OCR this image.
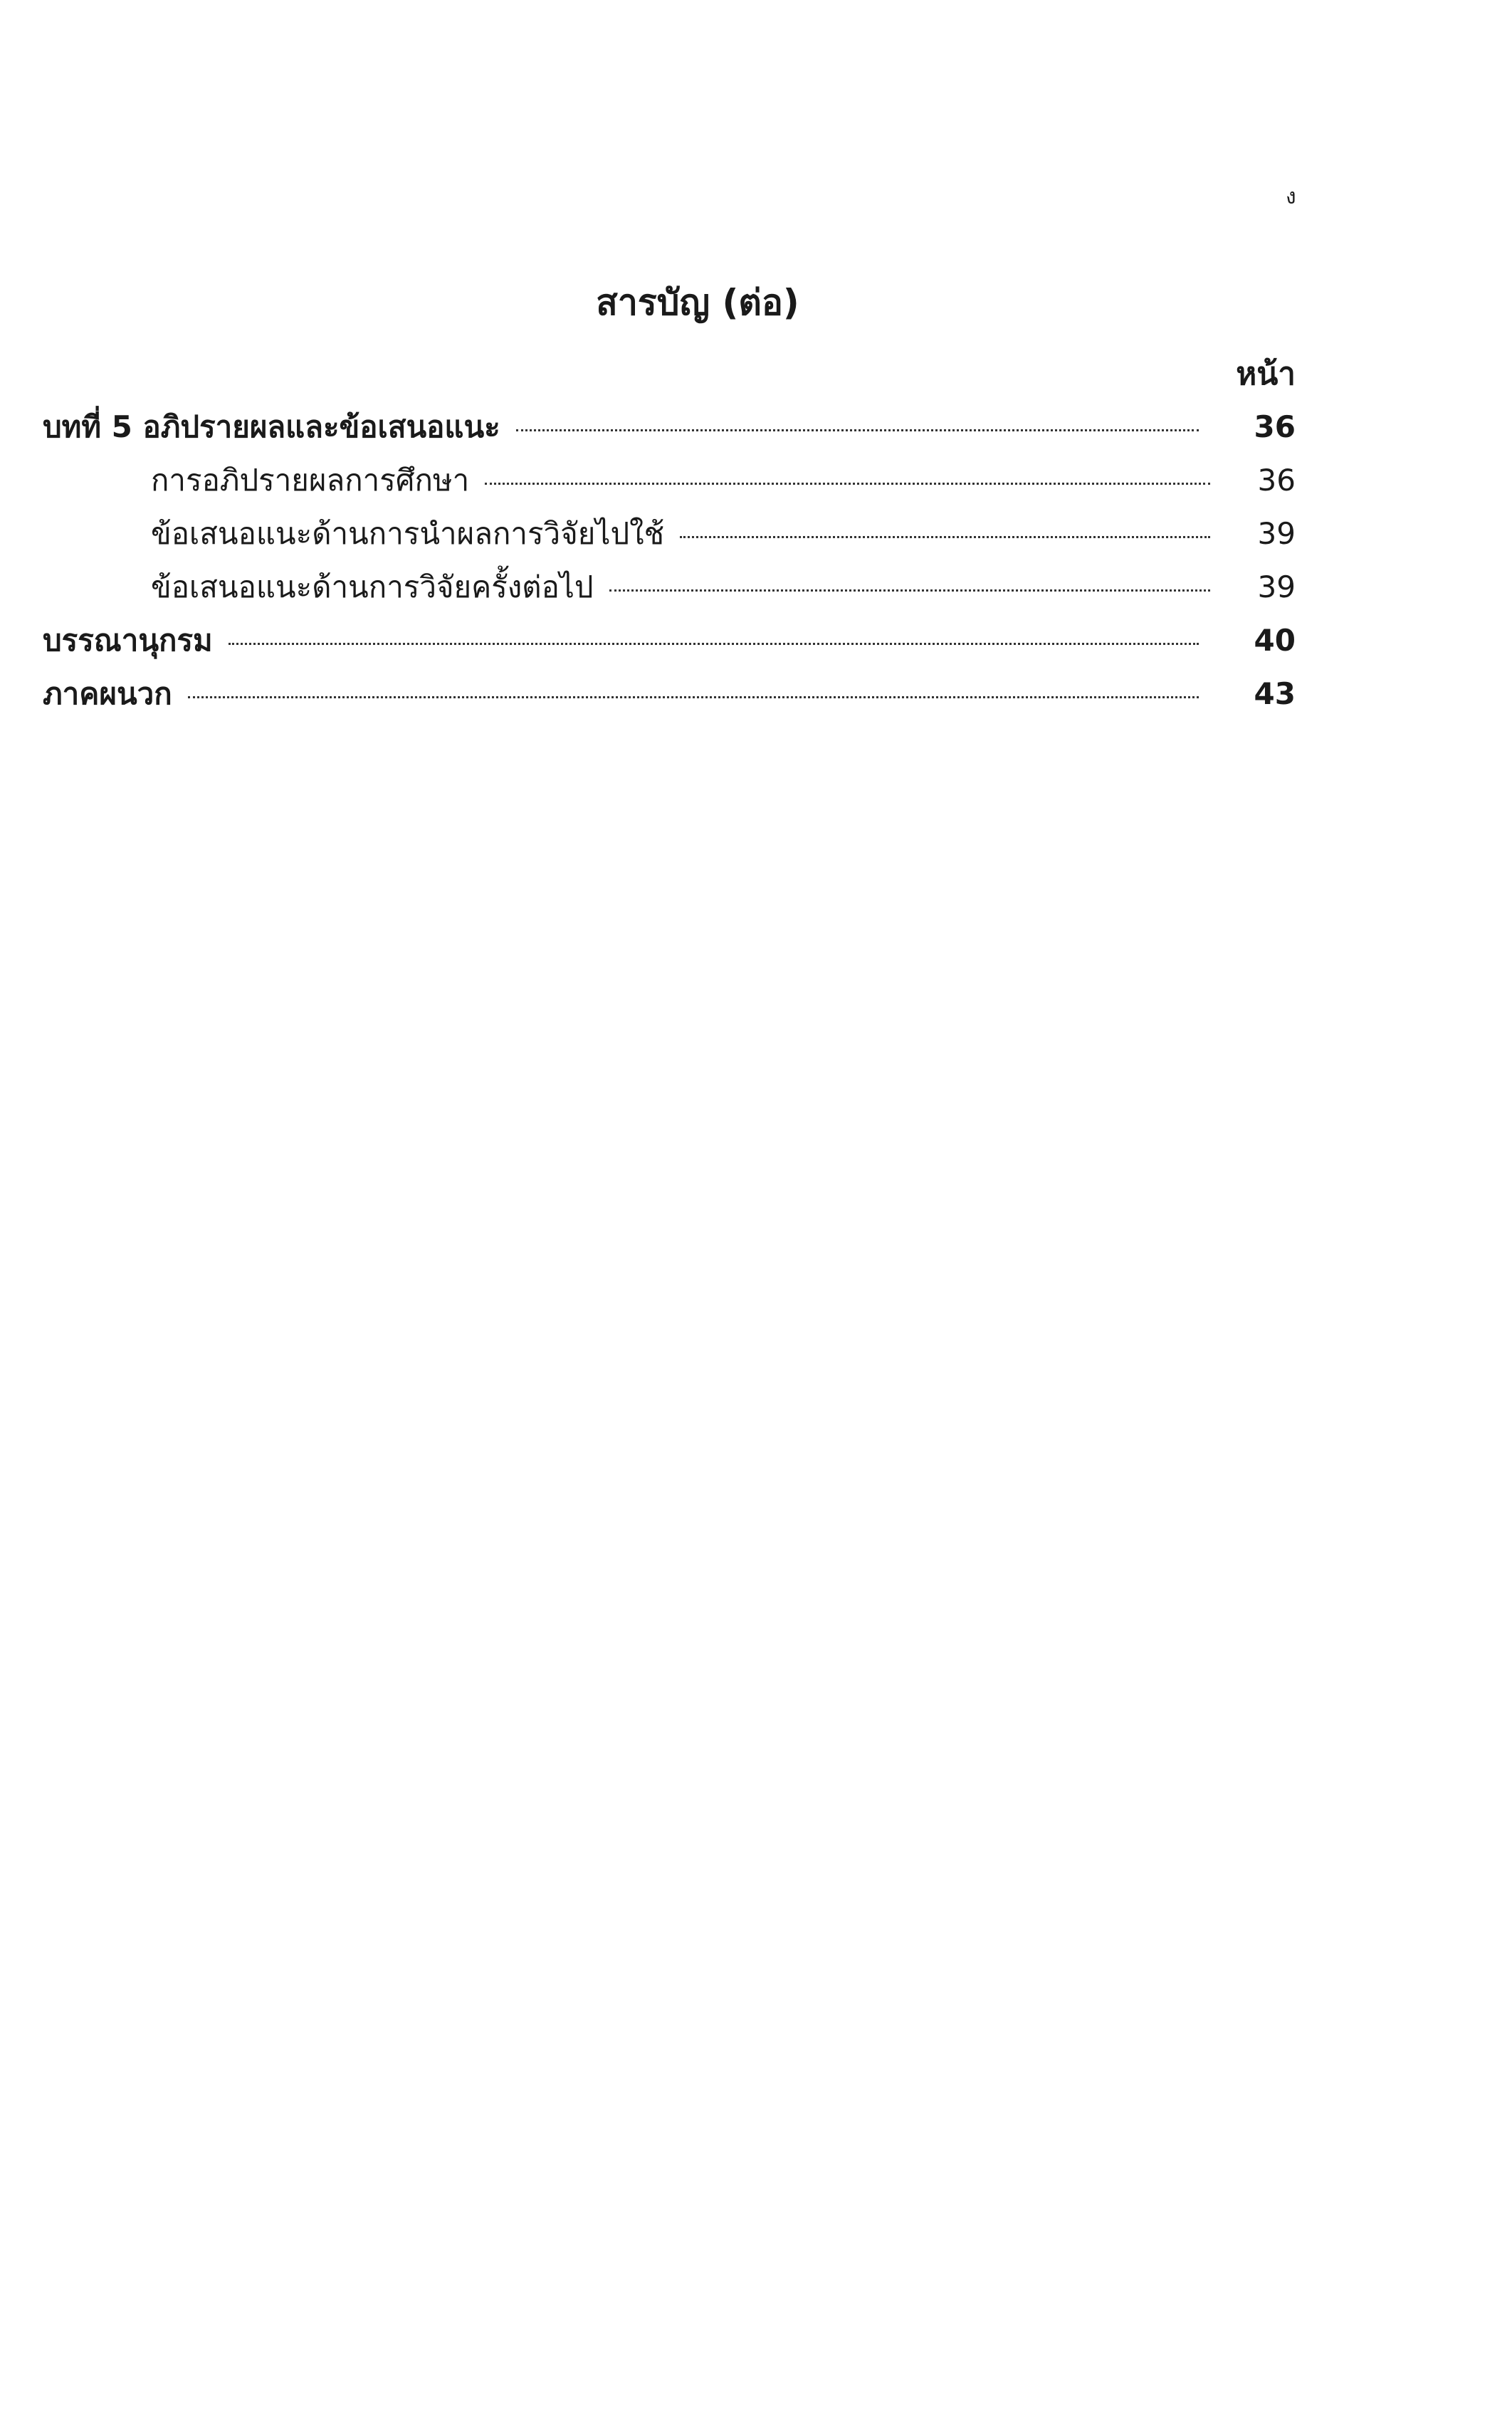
ง
สารบัญ (ต่อ)
หน้า
บทที่ 5 อภิปรายผลและข้อเสนอแนะ	36
การอภิปรายผลการศึกษา	36
ข้อเสนอแนะด้านการนำผลการวิจัยไปใช้	39
ข้อเสนอแนะด้านการวิจัยครั้งต่อไป	39
บรรณานุกรม	40
ภาคผนวก	43
